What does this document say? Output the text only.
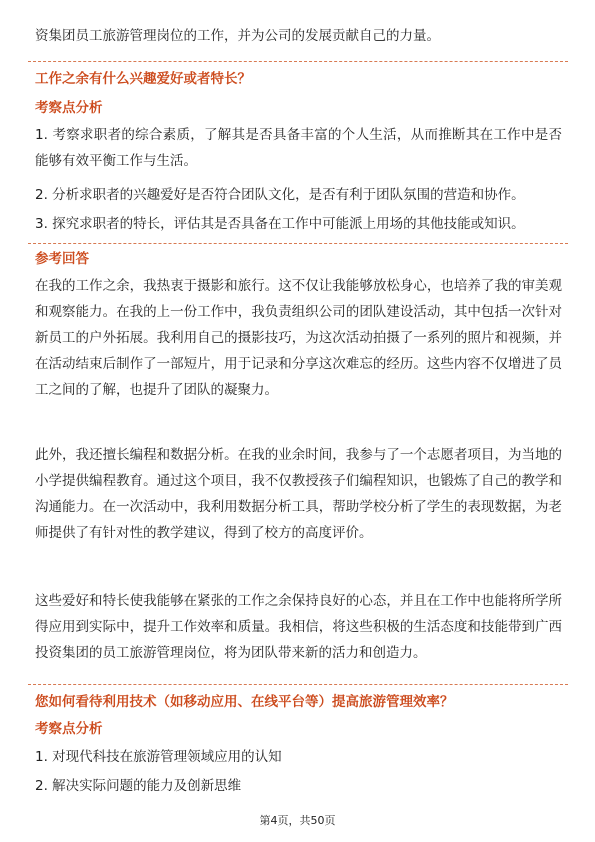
资集团员工旅游管理岗位的工作，并为公司的发展贡献自己的力量。

工作之余有什么兴趣爱好或者特长？
考察点分析

1. 考察求职者的综合素质，了解其是否具备丰富的个人生活，从而推断其在工作中是否能够有效平衡工作与生活。

2. 分析求职者的兴趣爱好是否符合团队文化，是否有利于团队氛围的营造和协作。

3. 探究求职者的特长，评估其是否具备在工作中可能派上用场的其他技能或知识。

参考回答

在我的工作之余，我热衷于摄影和旅行。这不仅让我能够放松身心，也培养了我的审美观和观察能力。在我的上一份工作中，我负责组织公司的团队建设活动，其中包括一次针对新员工的户外拓展。我利用自己的摄影技巧，为这次活动拍摄了一系列的照片和视频，并在活动结束后制作了一部短片，用于记录和分享这次难忘的经历。这些内容不仅增进了员工之间的了解，也提升了团队的凝聚力。

此外，我还擅长编程和数据分析。在我的业余时间，我参与了一个志愿者项目，为当地的小学提供编程教育。通过这个项目，我不仅教授孩子们编程知识，也锻炼了自己的教学和沟通能力。在一次活动中，我利用数据分析工具，帮助学校分析了学生的表现数据，为老师提供了有针对性的教学建议，得到了校方的高度评价。

这些爱好和特长使我能够在紧张的工作之余保持良好的心态，并且在工作中也能将所学所得应用到实际中，提升工作效率和质量。我相信，将这些积极的生活态度和技能带到广西投资集团的员工旅游管理岗位，将为团队带来新的活力和创造力。

您如何看待利用技术（如移动应用、在线平台等）提高旅游管理效率？
考察点分析

1. 对现代科技在旅游管理领域应用的认知

2. 解决实际问题的能力及创新思维

第4页，共50页
